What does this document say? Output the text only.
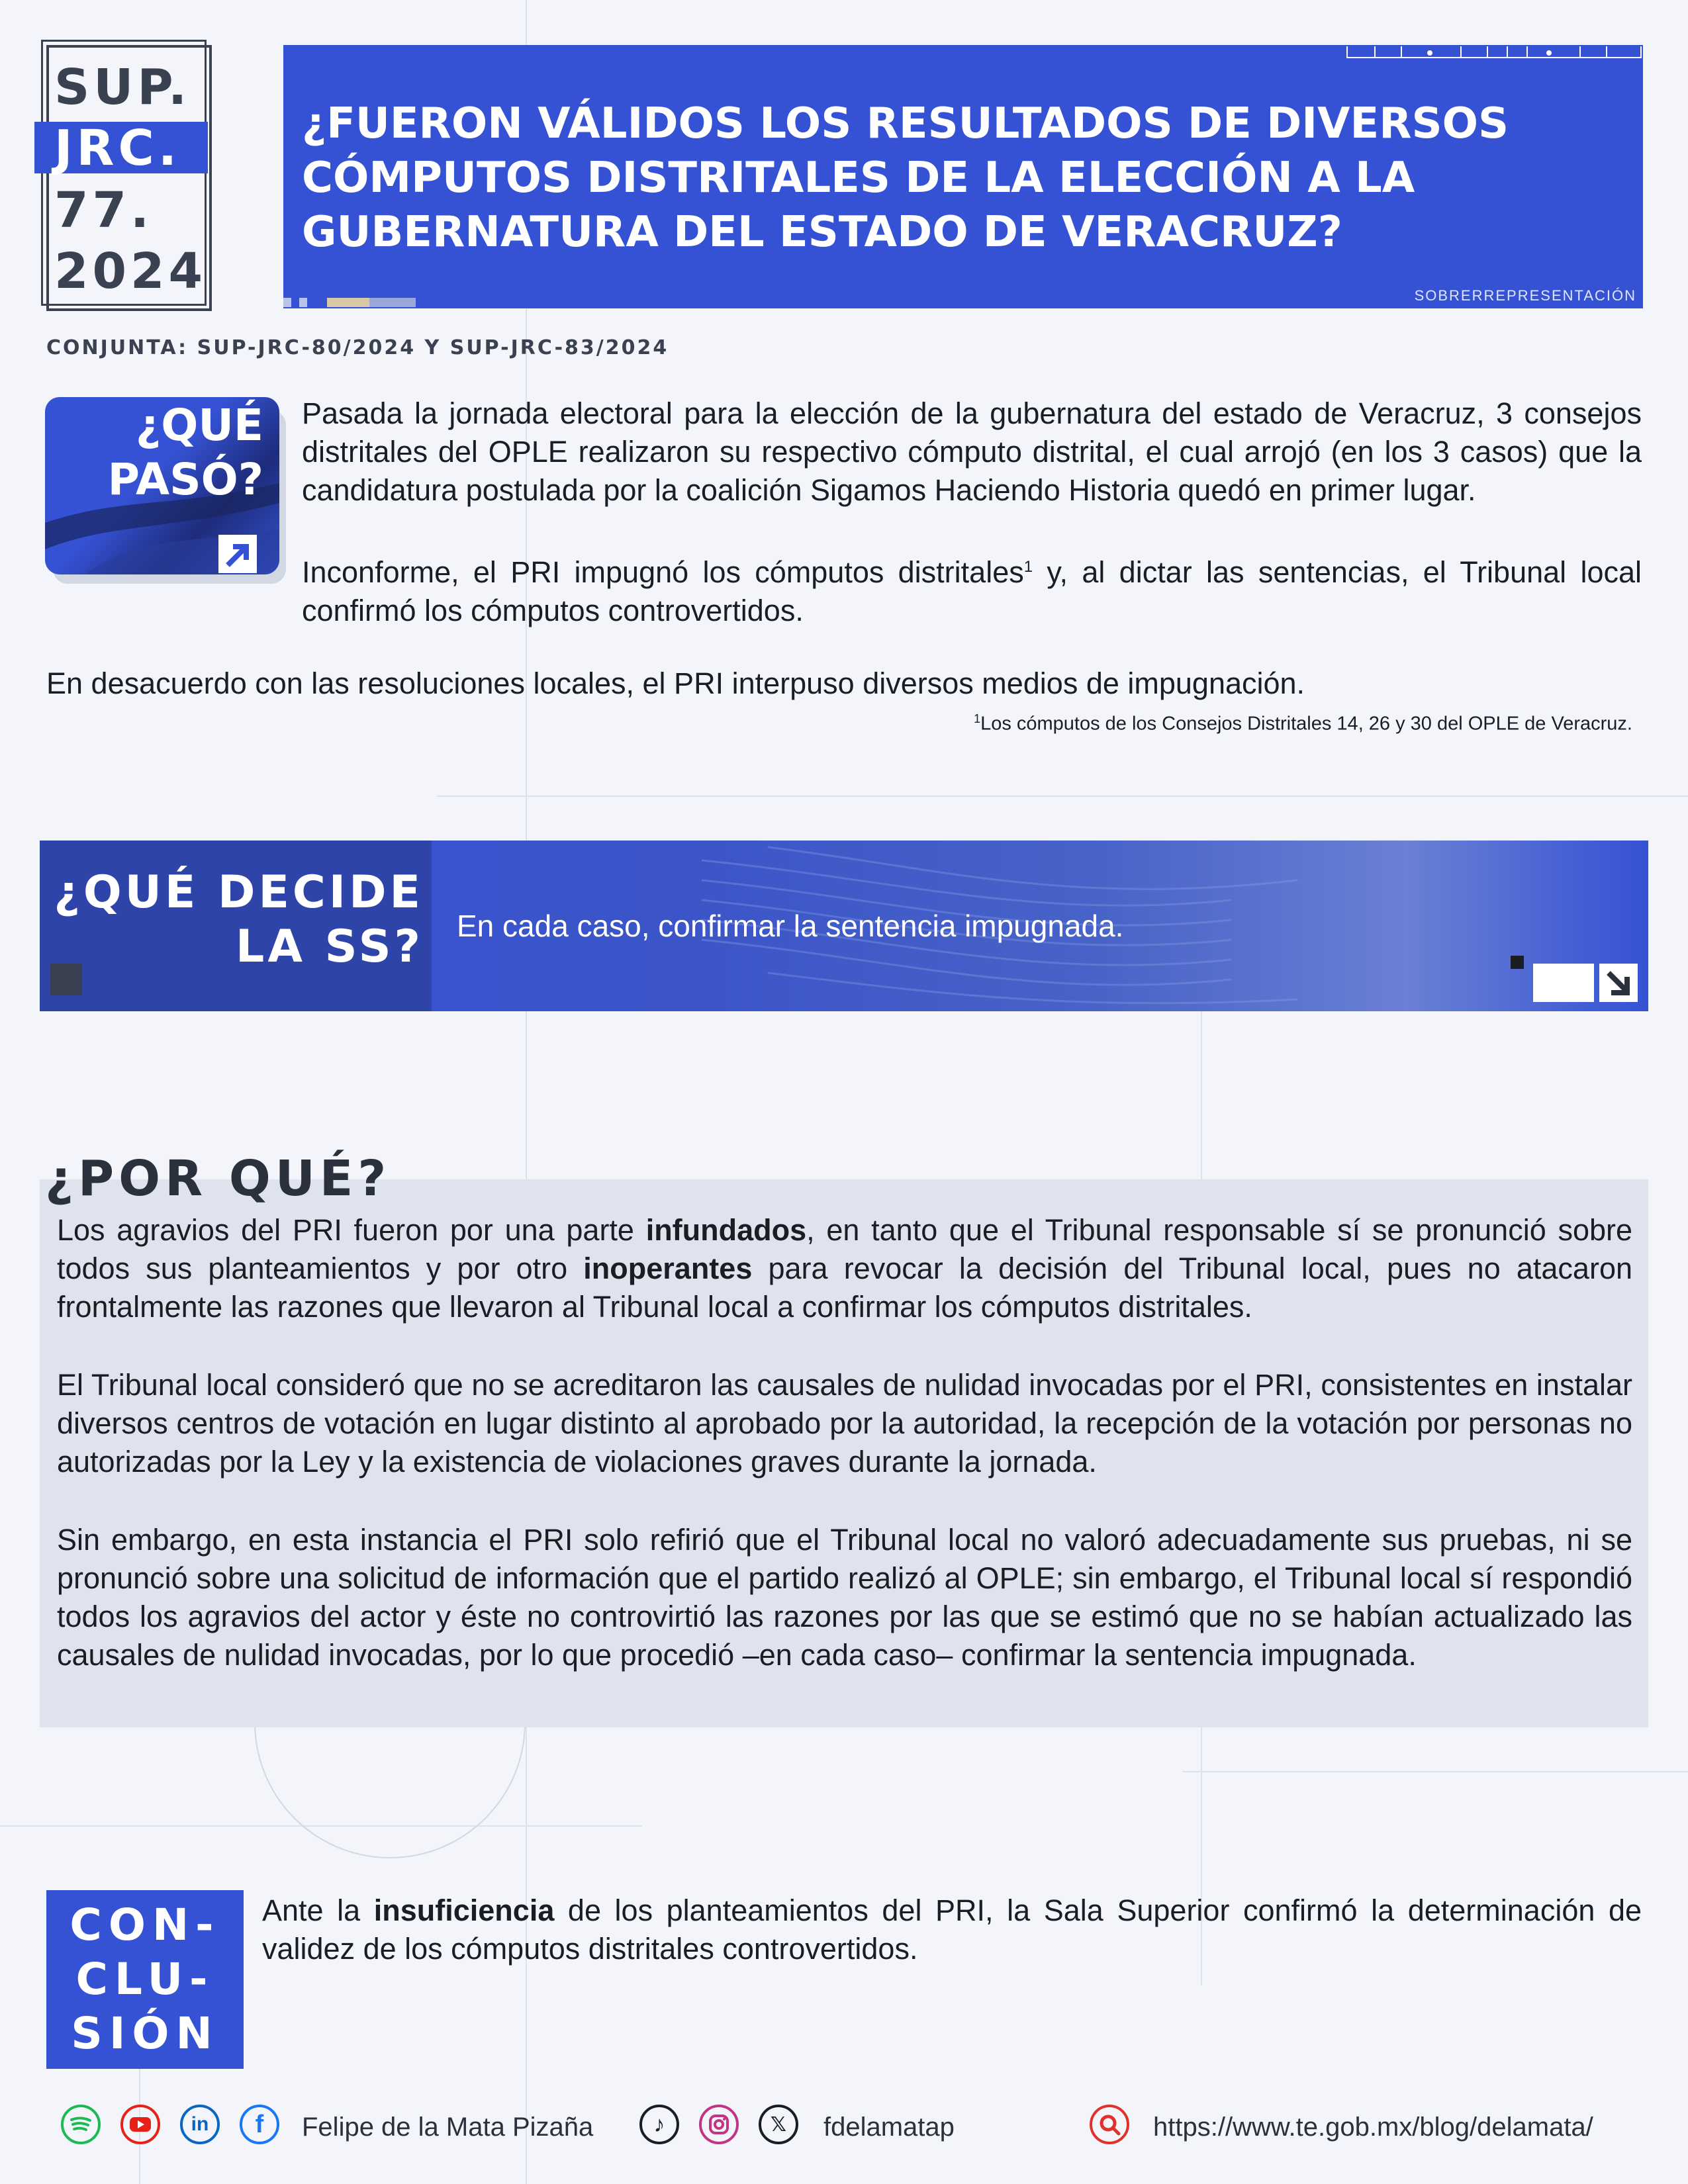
SUP.
JRC.
77.
2024
CONJUNTA: SUP-JRC-80/2024 Y SUP-JRC-83/2024
¿FUERON VÁLIDOS LOS RESULTADOS DE DIVERSOS
CÓMPUTOS DISTRITALES DE LA ELECCIÓN A LA
GUBERNATURA DEL ESTADO DE VERACRUZ?
SOBRERREPRESENTACIÓN
¿QUÉ
PASÓ?
Pasada la jornada electoral para la elección de la gubernatura del estado de Veracruz, 3 consejos distritales del OPLE realizaron su respectivo cómputo distrital, el cual arrojó (en los 3 casos) que la candidatura postulada por la coalición Sigamos Haciendo Historia quedó en primer lugar.
Inconforme, el PRI impugnó los cómputos distritales$^1$ y, al dictar las sentencias, el Tribunal local confirmó los cómputos controvertidos.
En desacuerdo con las resoluciones locales, el PRI interpuso diversos medios de impugnación.
$^1$Los cómputos de los Consejos Distritales 14, 26 y 30 del OPLE de Veracruz.
¿QUÉ DECIDE
LA SS? En cada caso, confirmar la sentencia impugnada.
¿POR QUÉ?
Los agravios del PRI fueron por una parte infundados, en tanto que el Tribunal responsable sí se pronunció sobre todos sus planteamientos y por otro inoperantes para revocar la decisión del Tribunal local, pues no atacaron frontalmente las razones que llevaron al Tribunal local a confirmar los cómputos distritales.
El Tribunal local consideró que no se acreditaron las causales de nulidad invocadas por el PRI, consistentes en instalar diversos centros de votación en lugar distinto al aprobado por la autoridad, la recepción de la votación por personas no autorizadas por la Ley y la existencia de violaciones graves durante la jornada.
Sin embargo, en esta instancia el PRI solo refirió que el Tribunal local no valoró adecuadamente sus pruebas, ni se pronunció sobre una solicitud de información que el partido realizó al OPLE; sin embargo, el Tribunal local sí respondió todos los agravios del actor y éste no controvirtió las razones por las que se estimó que no se habían actualizado las causales de nulidad invocadas, por lo que procedió –en cada caso– confirmar la sentencia impugnada.
CON-
CLU-
SIÓN
Ante la insuficiencia de los planteamientos del PRI, la Sala Superior confirmó la determinación de validez de los cómputos distritales controvertidos.
in	f	Felipe de la Mata Pizaña	♪	𝕏	fdelamatap	https://www.te.gob.mx/blog/delamata/
